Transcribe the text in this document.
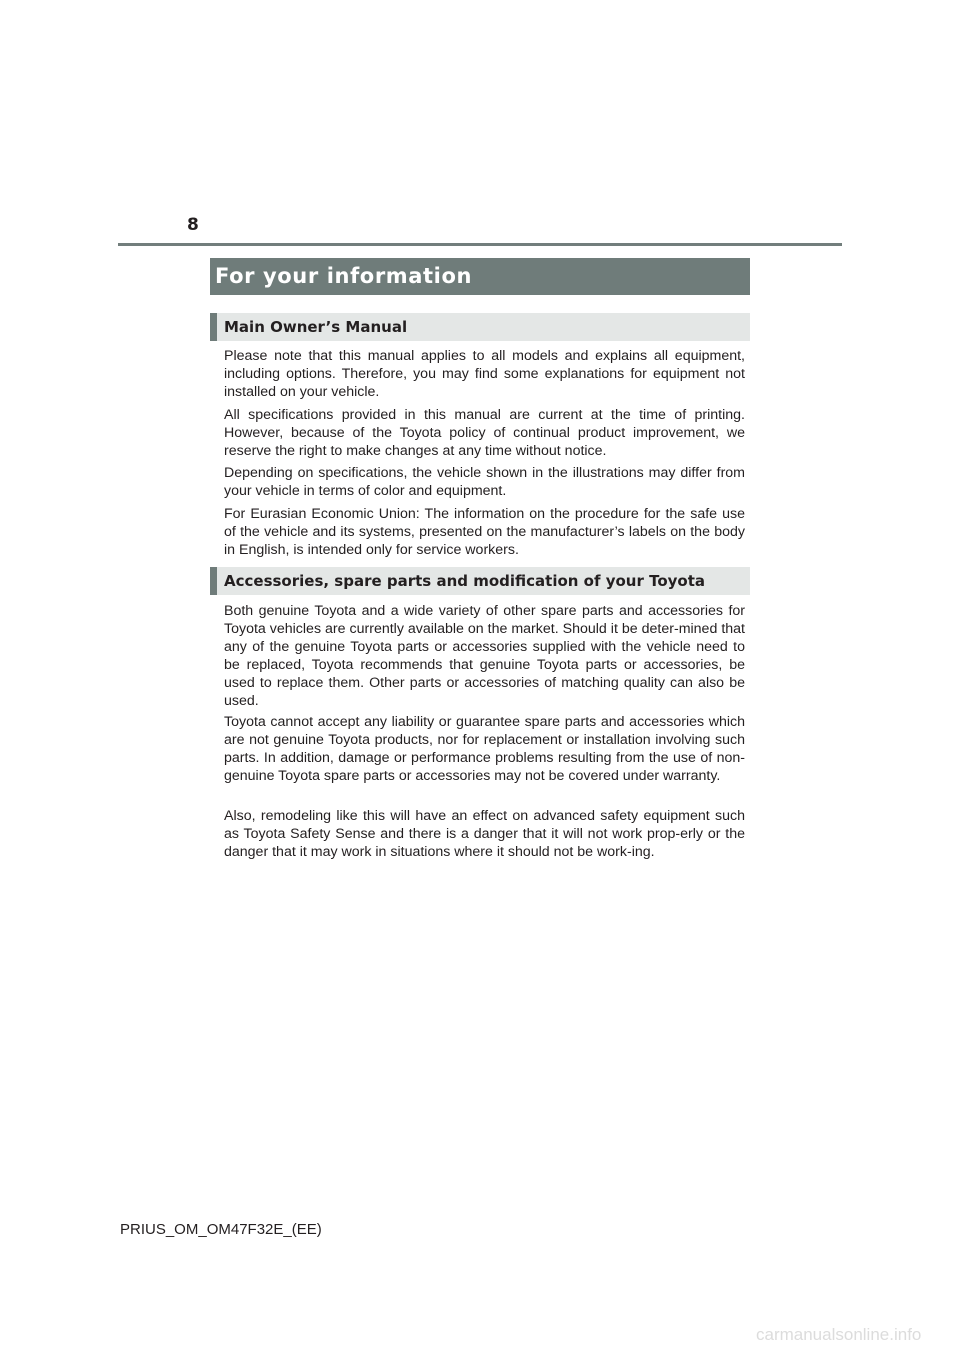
8
For your information
Main Owner’s Manual

Please note that this manual applies to all models and explains all equipment, including options. Therefore, you may find some explanations for equipment not installed on your vehicle.

All specifications provided in this manual are current at the time of printing. However, because of the Toyota policy of continual product improvement, we reserve the right to make changes at any time without notice.

Depending on specifications, the vehicle shown in the illustrations may differ from your vehicle in terms of color and equipment.

For Eurasian Economic Union: The information on the procedure for the safe use of the vehicle and its systems, presented on the manufacturer’s labels on the body in English, is intended only for service workers.

Accessories, spare parts and modification of your Toyota

Both genuine Toyota and a wide variety of other spare parts and accessories for Toyota vehicles are currently available on the market. Should it be deter-mined that any of the genuine Toyota parts or accessories supplied with the vehicle need to be replaced, Toyota recommends that genuine Toyota parts or accessories, be used to replace them. Other parts or accessories of matching quality can also be used.

Toyota cannot accept any liability or guarantee spare parts and accessories which are not genuine Toyota products, nor for replacement or installation involving such parts. In addition, damage or performance problems resulting from the use of non-genuine Toyota spare parts or accessories may not be covered under warranty.

Also, remodeling like this will have an effect on advanced safety equipment such as Toyota Safety Sense and there is a danger that it will not work prop-erly or the danger that it may work in situations where it should not be work-ing.

PRIUS_OM_OM47F32E_(EE)
carmanualsonline.info
